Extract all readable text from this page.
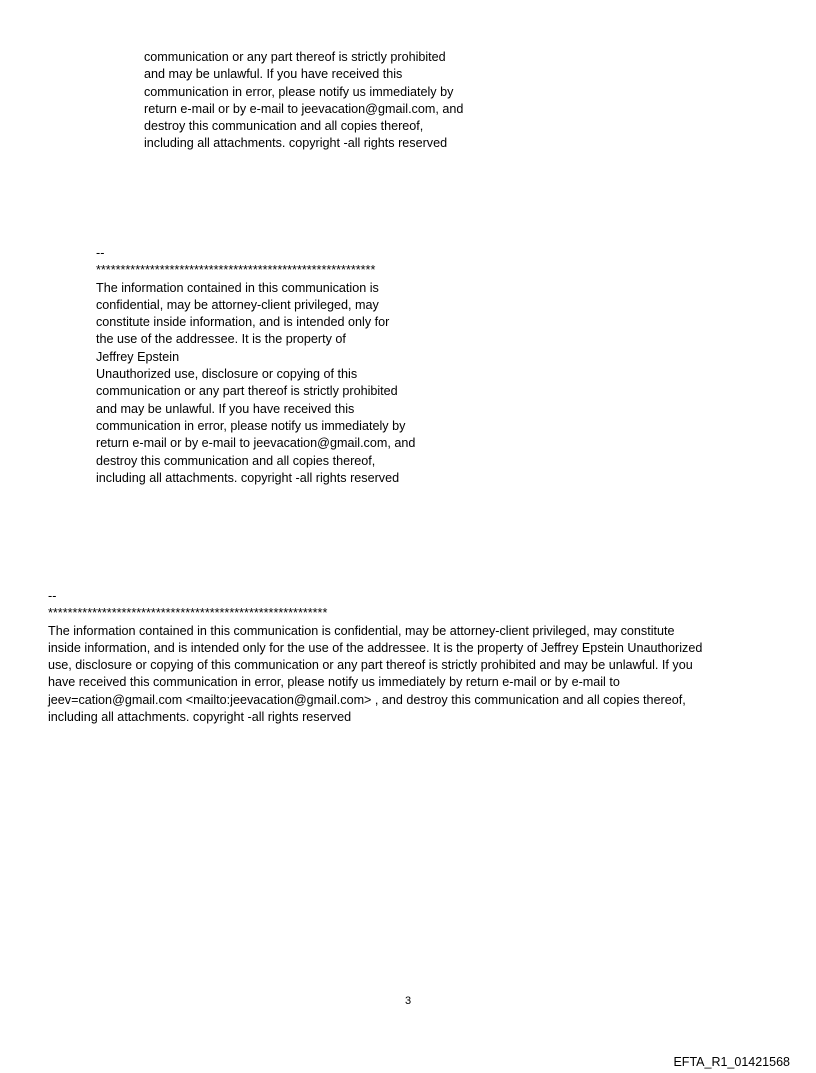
communication or any part thereof is strictly prohibited
and may be unlawful. If you have received this
communication in error, please notify us immediately by
return e-mail or by e-mail to jeevacation@gmail.com, and
destroy this communication and all copies thereof,
including all attachments. copyright -all rights reserved
--
*********************************************************
The information contained in this communication is
confidential, may be attorney-client privileged, may
constitute inside information, and is intended only for
the use of the addressee. It is the property of
Jeffrey Epstein
Unauthorized use, disclosure or copying of this
communication or any part thereof is strictly prohibited
and may be unlawful. If you have received this
communication in error, please notify us immediately by
return e-mail or by e-mail to jeevacation@gmail.com, and
destroy this communication and all copies thereof,
including all attachments. copyright -all rights reserved
--
*********************************************************
The information contained in this communication is confidential, may be attorney-client privileged, may constitute
inside information, and is intended only for the use of the addressee. It is the property of Jeffrey Epstein Unauthorized
use, disclosure or copying of this communication or any part thereof is strictly prohibited and may be unlawful. If you
have received this communication in error, please notify us immediately by return e-mail or by e-mail to
jeev=cation@gmail.com <mailto:jeevacation@gmail.com> , and destroy this communication and all copies thereof,
including all attachments. copyright -all rights reserved
3
EFTA_R1_01421568
